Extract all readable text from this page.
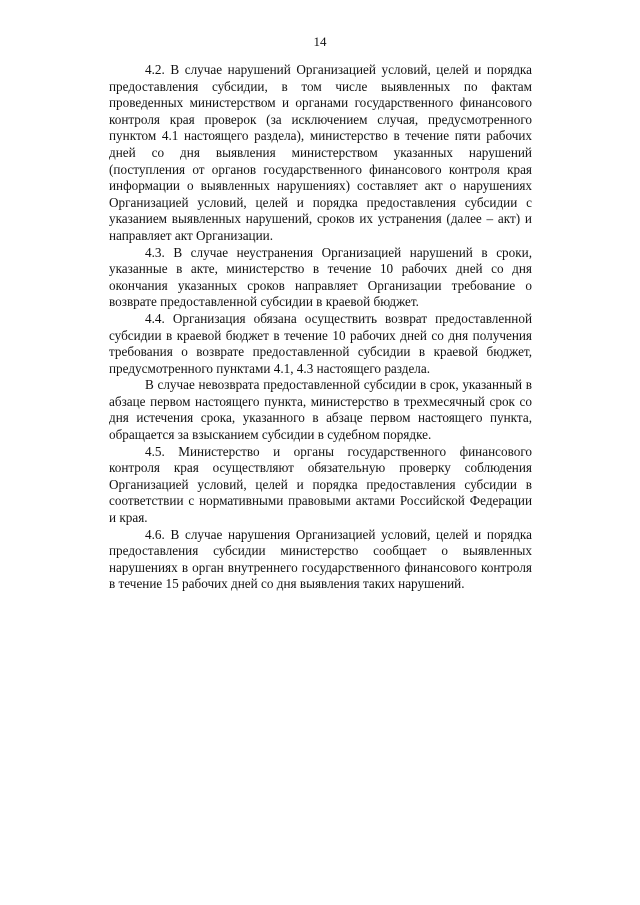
14

4.2. В случае нарушений Организацией условий, целей и порядка предоставления субсидии, в том числе выявленных по фактам проведенных министерством и органами государственного финансового контроля края проверок (за исключением случая, предусмотренного пунктом 4.1 настоящего раздела), министерство в течение пяти рабочих дней со дня выявления министерством указанных нарушений (поступления от органов государственного финансового контроля края информации о выявленных нарушениях) составляет акт о нарушениях Организацией условий, целей и порядка предоставления субсидии с указанием выявленных нарушений, сроков их устранения (далее – акт) и направляет акт Организации.

4.3. В случае неустранения Организацией нарушений в сроки, указанные в акте, министерство в течение 10 рабочих дней со дня окончания указанных сроков направляет Организации требование о возврате предоставленной субсидии в краевой бюджет.

4.4. Организация обязана осуществить возврат предоставленной субсидии в краевой бюджет в течение 10 рабочих дней со дня получения требования о возврате предоставленной субсидии в краевой бюджет, предусмотренного пунктами 4.1, 4.3 настоящего раздела.

В случае невозврата предоставленной субсидии в срок, указанный в абзаце первом настоящего пункта, министерство в трехмесячный срок со дня истечения срока, указанного в абзаце первом настоящего пункта, обращается за взысканием субсидии в судебном порядке.

4.5. Министерство и органы государственного финансового контроля края осуществляют обязательную проверку соблюдения Организацией условий, целей и порядка предоставления субсидии в соответствии с нормативными правовыми актами Российской Федерации и края.

4.6. В случае нарушения Организацией условий, целей и порядка предоставления субсидии министерство сообщает о выявленных нарушениях в орган внутреннего государственного финансового контроля в течение 15 рабочих дней со дня выявления таких нарушений.
